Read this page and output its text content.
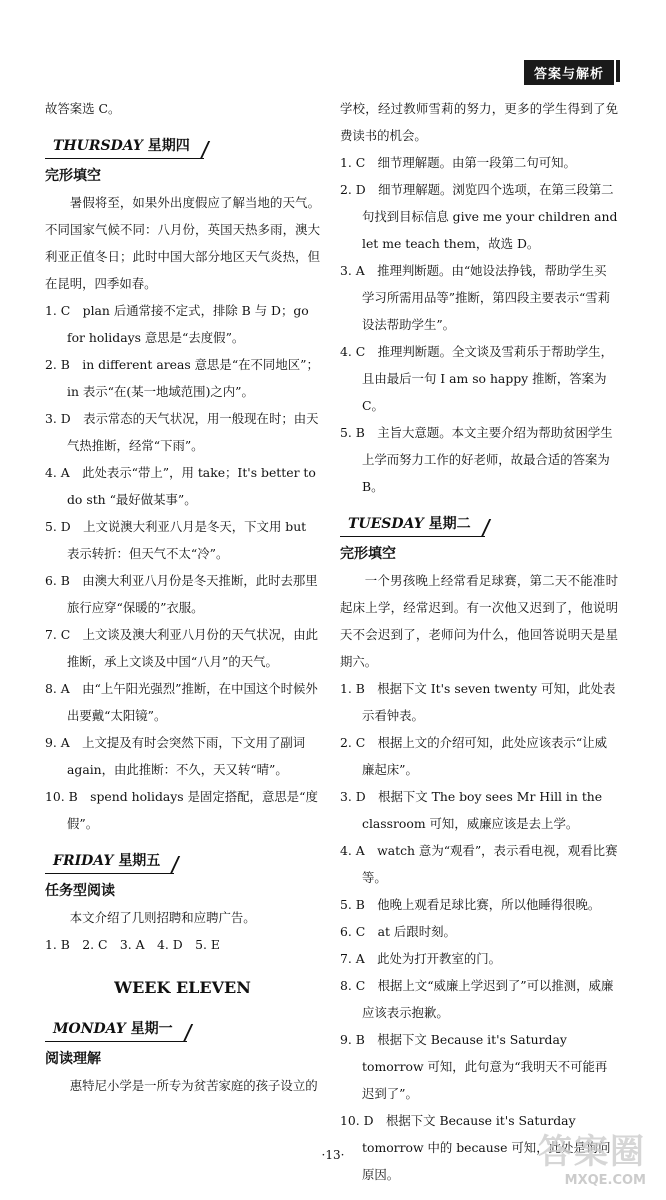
答案与解析

故答案选 C。

THURSDAY 星期四

完形填空

暑假将至，如果外出度假应了解当地的天气。不同国家气候不同：八月份，英国天热多雨，澳大利亚正值冬日；此时中国大部分地区天气炎热，但在昆明，四季如春。

1. C　plan 后通常接不定式，排除 B 与 D；go for holidays 意思是“去度假”。

2. B　in different areas 意思是“在不同地区”；in 表示“在(某一地域范围)之内”。

3. D　表示常态的天气状况，用一般现在时；由天气热推断，经常“下雨”。

4. A　此处表示“带上”，用 take；It's better to do sth “最好做某事”。

5. D　上文说澳大利亚八月是冬天，下文用 but 表示转折：但天气不太“冷”。

6. B　由澳大利亚八月份是冬天推断，此时去那里旅行应穿“保暖的”衣服。

7. C　上文谈及澳大利亚八月份的天气状况，由此推断，承上文谈及中国“八月”的天气。

8. A　由“上午阳光强烈”推断，在中国这个时候外出要戴“太阳镜”。

9. A　上文提及有时会突然下雨，下文用了副词 again，由此推断：不久，天又转“晴”。

10. B　spend holidays 是固定搭配，意思是“度假”。

FRIDAY 星期五

任务型阅读

本文介绍了几则招聘和应聘广告。

1. B　2. C　3. A　4. D　5. E

WEEK ELEVEN
MONDAY 星期一

阅读理解

惠特尼小学是一所专为贫苦家庭的孩子设立的

学校，经过教师雪莉的努力，更多的学生得到了免费读书的机会。

1. C　细节理解题。由第一段第二句可知。

2. D　细节理解题。浏览四个选项，在第三段第二句找到目标信息 give me your children and let me teach them，故选 D。

3. A　推理判断题。由“她设法挣钱，帮助学生买学习所需用品等”推断，第四段主要表示“雪莉设法帮助学生”。

4. C　推理判断题。全文谈及雪莉乐于帮助学生，且由最后一句 I am so happy 推断，答案为 C。

5. B　主旨大意题。本文主要介绍为帮助贫困学生上学而努力工作的好老师，故最合适的答案为 B。

TUESDAY 星期二

完形填空

一个男孩晚上经常看足球赛，第二天不能准时起床上学，经常迟到。有一次他又迟到了，他说明天不会迟到了，老师问为什么，他回答说明天是星期六。

1. B　根据下文 It's seven twenty 可知，此处表示看钟表。

2. C　根据上文的介绍可知，此处应该表示“让威廉起床”。

3. D　根据下文 The boy sees Mr Hill in the classroom 可知，威廉应该是去上学。

4. A　watch 意为“观看”，表示看电视，观看比赛等。

5. B　他晚上观看足球比赛，所以他睡得很晚。

6. C　at 后跟时刻。

7. A　此处为打开教室的门。

8. C　根据上文“威廉上学迟到了”可以推测，威廉应该表示抱歉。

9. B　根据下文 Because it's Saturday tomorrow 可知，此句意为“我明天不可能再迟到了”。

10. D　根据下文 Because it's Saturday tomorrow 中的 because 可知，此处是询问原因。

·13·	答案圈
MXQE.COM
